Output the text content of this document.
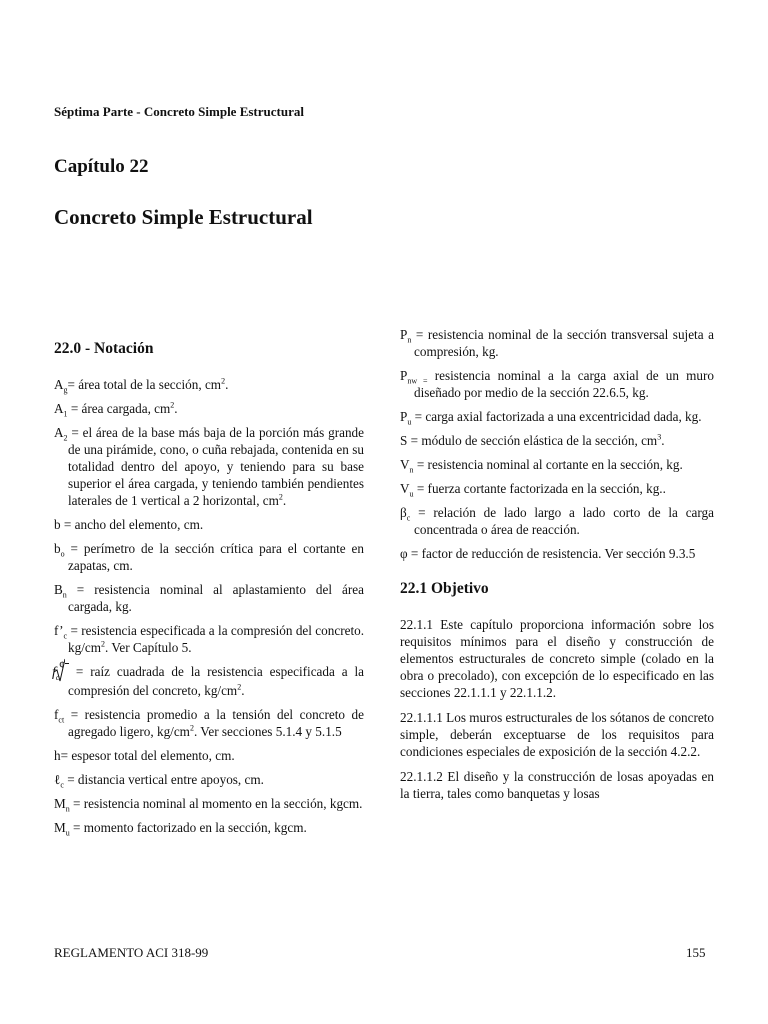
Séptima Parte - Concreto Simple Estructural
Capítulo 22
Concreto Simple Estructural
22.0 - Notación
$A_g=$ área total de la sección, $cm^2$.
$A_1$ = área cargada, $cm^2$.
$A_2$ = el área de la base más baja de la porción más grande de una pirámide, cono, o cuña rebajada, contenida en su totalidad dentro del apoyo, y teniendo para su base superior el área cargada, y teniendo también pendientes laterales de 1 vertical a 2 horizontal, $cm^2$.
b = ancho del elemento, cm.
$b_o$ = perímetro de la sección crítica para el cortante en zapatas, cm.
$B_n$ = resistencia nominal al aplastamiento del área cargada, kg.
$f’_c$ = resistencia especificada a la compresión del concreto. $kg/cm^2$. Ver Capítulo 5.
$f_c$
¢ = raíz cuadrada de la resistencia especificada a la compresión del concreto, $kg/cm^2$.
$f_{ct}$ = resistencia promedio a la tensión del concreto de agregado ligero, $kg/cm^2$. Ver secciones 5.1.4 y 5.1.5
h= espesor total del elemento, cm.
ℓ$_c$ = distancia vertical entre apoyos, cm.
$M_n$ = resistencia nominal al momento en la sección, kgcm.
$M_u$ = momento factorizado en la sección, kgcm.
$P_n$ = resistencia nominal de la sección transversal sujeta a compresión, kg.
$P_{nw =}$ resistencia nominal a la carga axial de un muro diseñado por medio de la sección 22.6.5, kg.
$P_u$ = carga axial factorizada a una excentricidad dada, kg.
S = módulo de sección elástica de la sección, $cm^3$.
$V_n$ = resistencia nominal al cortante en la sección, kg.
$V_u$ = fuerza cortante factorizada en la sección, kg..
$\beta_c$ = relación de lado largo a lado corto de la carga concentrada o área de reacción.
φ = factor de reducción de resistencia. Ver sección 9.3.5
22.1 Objetivo
22.1.1 Este capítulo proporciona información sobre los requisitos mínimos para el diseño y construcción de elementos estructurales de concreto simple (colado en la obra o precolado), con excepción de lo especificado en las secciones 22.1.1.1 y 22.1.1.2.
22.1.1.1 Los muros estructurales de los sótanos de concreto simple, deberán exceptuarse de los requisitos para condiciones especiales de exposición de la sección 4.2.2.
22.1.1.2 El diseño y la construcción de losas apoyadas en la tierra, tales como banquetas y losas
REGLAMENTO ACI 318-99	155
